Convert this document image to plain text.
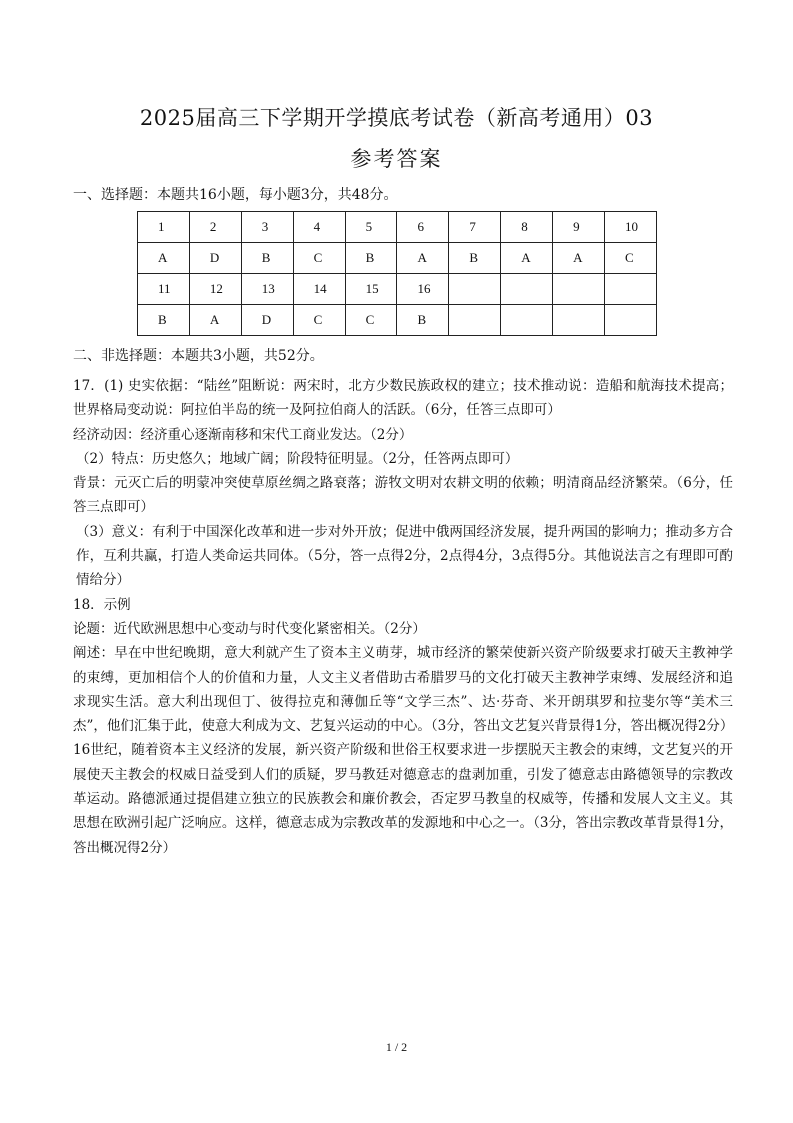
2025届高三下学期开学摸底考试卷（新高考通用）03
参考答案
一、选择题：本题共16小题，每小题3分，共48分。
1	2	3	4	5	6	7	8	9	10
A	D	B	C	B	A	B	A	A	C
11	12	13	14	15	16				
B	A	D	C	C	B				
二、非选择题：本题共3小题，共52分。

17．(1) 史实依据：“陆丝”阻断说：两宋时，北方少数民族政权的建立；技术推动说：造船和航海技术提高；世界格局变动说：阿拉伯半岛的统一及阿拉伯商人的活跃。（6分，任答三点即可）

经济动因：经济重心逐渐南移和宋代工商业发达。（2分）

（2）特点：历史悠久；地域广阔；阶段特征明显。（2分，任答两点即可）

背景：元灭亡后的明蒙冲突使草原丝绸之路衰落；游牧文明对农耕文明的依赖；明清商品经济繁荣。（6分，任答三点即可）

（3）意义：有利于中国深化改革和进一步对外开放；促进中俄两国经济发展，提升两国的影响力；推动多方合作，互利共赢，打造人类命运共同体。（5分，答一点得2分，2点得4分，3点得5分。其他说法言之有理即可酌情给分）

18．示例

论题：近代欧洲思想中心变动与时代变化紧密相关。（2分）

阐述：早在中世纪晚期，意大利就产生了资本主义萌芽，城市经济的繁荣使新兴资产阶级要求打破天主教神学的束缚，更加相信个人的价值和力量，人文主义者借助古希腊罗马的文化打破天主教神学束缚、发展经济和追求现实生活。意大利出现但丁、彼得拉克和薄伽丘等“文学三杰”、达·芬奇、米开朗琪罗和拉斐尔等“美术三杰”，他们汇集于此，使意大利成为文、艺复兴运动的中心。（3分，答出文艺复兴背景得1分，答出概况得2分）

16世纪，随着资本主义经济的发展，新兴资产阶级和世俗王权要求进一步摆脱天主教会的束缚，文艺复兴的开展使天主教会的权威日益受到人们的质疑，罗马教廷对德意志的盘剥加重，引发了德意志由路德领导的宗教改革运动。路德派通过提倡建立独立的民族教会和廉价教会，否定罗马教皇的权威等，传播和发展人文主义。其思想在欧洲引起广泛响应。这样，德意志成为宗教改革的发源地和中心之一。（3分，答出宗教改革背景得1分，答出概况得2分）

1 / 2
